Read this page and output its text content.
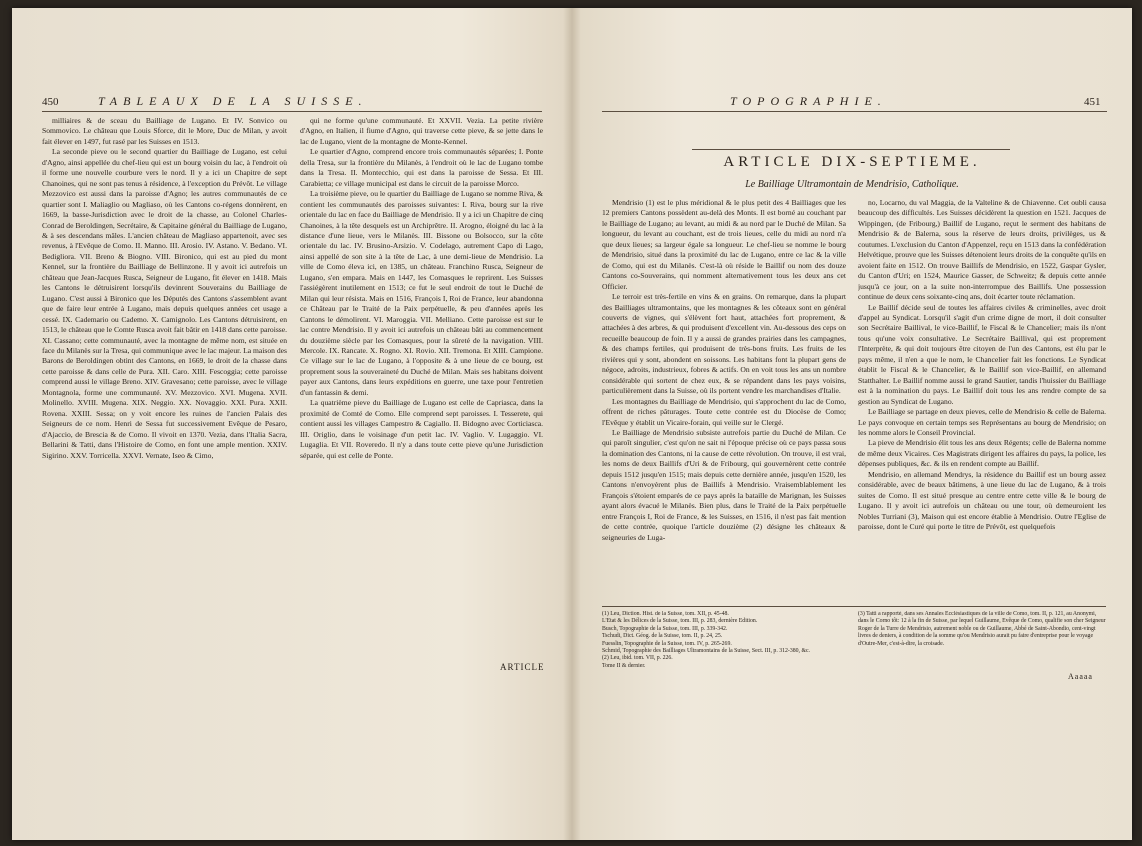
450	TABLEAUX DE LA SUISSE.

milliaires & de sceau du Bailliage de Lugano. Et IV. Sonvico ou Sommovico. Le château que Louis Sforce, dit le More, Duc de Milan, y avoit fait élever en 1497, fut rasé par les Suisses en 1513.

La seconde pieve ou le second quartier du Bailliage de Lugano, est celui d'Agno, ainsi appellée du chef-lieu qui est un bourg voisin du lac, à l'endroit où il forme une nouvelle courbure vers le nord. Il y a ici un Chapitre de sept Chanoines, qui ne sont pas tenus à résidence, à l'exception du Prévôt. Le village Mezzovico est aussi dans la paroisse d'Agno; les autres communautés de ce quartier sont I. Maliaglio ou Magliaso, où les Cantons co-régens donnèrent, en 1669, la basse-Jurisdiction avec le droit de la chasse, au Colonel Charles-Conrad de Beroldingen, Secrétaire, & Capitaine général du Bailliage de Lugano, & à ses descendans mâles. L'ancien château de Magliaso appartenoit, avec ses revenus, à l'Evêque de Como. II. Manno. III. Arosio. IV. Astano. V. Bedano. VI. Bedigliora. VII. Breno & Biogno. VIII. Bironico, qui est au pied du mont Kennel, sur la frontière du Bailliage de Bellinzone. Il y avoit ici autrefois un château que Jean-Jacques Rusca, Seigneur de Lugano, fit élever en 1418. Mais les Cantons le détruisirent lorsqu'ils devinrent Souverains du Bailliage de Lugano. C'est aussi à Bironico que les Députés des Cantons s'assemblent avant que de faire leur entrée à Lugano, mais depuis quelques années cet usage a cessé. IX. Cademario ou Cademo. X. Camignolo. Les Cantons détruisirent, en 1513, le château que le Comte Rusca avoit fait bâtir en 1418 dans cette paroisse. XI. Cassano; cette communauté, avec la montagne de même nom, est située en face du Milanès sur la Tresa, qui communique avec le lac majeur. La maison des Barons de Beroldingen obtint des Cantons, en 1669, le droit de la chasse dans cette paroisse & dans celle de Pura. XII. Caro. XIII. Fescoggia; cette paroisse comprend aussi le village Breno. XIV. Gravesano; cette paroisse, avec le village Montagnola, forme une communauté. XV. Mezzovico. XVI. Mugena. XVII. Molinello. XVIII. Mugena. XIX. Neggio. XX. Novaggio. XXI. Pura. XXII. Rovena. XXIII. Sessa; on y voit encore les ruines de l'ancien Palais des Seigneurs de ce nom. Henri de Sessa fut successivement Evêque de Pesaro, d'Ajaccio, de Brescia & de Como. Il vivoit en 1370. Vezia, dans l'Italia Sacra, Bellarini & Tatti, dans l'Histoire de Como, en font une ample mention. XXIV. Sigirino. XXV. Torricella. XXVI. Vernate, Iseo & Cimo,

qui ne forme qu'une communauté. Et XXVII. Vezia. La petite rivière d'Agno, en Italien, il fiume d'Agno, qui traverse cette pieve, & se jette dans le lac de Lugano, vient de la montagne de Monte-Kennel.

Le quartier d'Agno, comprend encore trois communautés séparées; I. Ponte della Tresa, sur la frontière du Milanès, à l'endroit où le lac de Lugano tombe dans la Tresa. II. Montecchio, qui est dans la paroisse de Sessa. Et III. Carabietta; ce village municipal est dans le circuit de la paroisse Morco.

La troisième pieve, ou le quartier du Bailliage de Lugano se nomme Riva, & contient les communautés des paroisses suivantes: I. Riva, bourg sur la rive orientale du lac en face du Bailliage de Mendrisio. Il y a ici un Chapitre de cinq Chanoines, à la tête desquels est un Archiprêtre. II. Arogno, éloigné du lac à la distance d'une lieue, vers le Milanès. III. Bissone ou Bolsocco, sur la côte orientale du lac. IV. Brusino-Arsizio. V. Codelago, autrement Capo di Lago, ainsi appellé de son site à la tête de Lac, à une demi-lieue de Mendrisio. La ville de Como éleva ici, en 1385, un château. Franchino Rusca, Seigneur de Lugano, s'en empara. Mais en 1447, les Comasques le reprirent. Les Suisses l'assiégèrent inutilement en 1513; ce fut le seul endroit de tout le Duché de Milan qui leur résista. Mais en 1516, François I, Roi de France, leur abandonna ce Château par le Traité de la Paix perpétuelle, & peu d'années après les Cantons le démolirent. VI. Maroggia. VII. Melliano. Cette paroisse est sur le lac contre Mendrisio. Il y avoit ici autrefois un château bâti au commencement du douzième siècle par les Comasques, pour la sûreté de la navigation. VIII. Mercole. IX. Rancate. X. Rogno. XI. Rovio. XII. Tremona. Et XIII. Campione. Ce village sur le lac de Lugano, à l'opposite & à une lieue de ce bourg, est proprement sous la souveraineté du Duché de Milan. Mais ses habitans doivent payer aux Cantons, dans leurs expéditions en guerre, une taxe pour l'entretien d'un fantassin & demi.

La quatrième pieve du Bailliage de Lugano est celle de Capriasca, dans la proximité de Comté de Como. Elle comprend sept paroisses. I. Tesserete, qui contient aussi les villages Campestro & Cagiallo. II. Bidogno avec Corticiasca. III. Origlio, dans le voisinage d'un petit lac. IV. Vaglio. V. Lugaggio. VI. Lugaglia. Et VII. Roveredo. Il n'y a dans toute cette pieve qu'une Jurisdiction séparée, qui est celle de Ponte.

ARTICLE
TOPOGRAPHIE.	451
ARTICLE DIX-SEPTIEME.
Le Bailliage Ultramontain de Mendrisio, Catholique.

Mendrisio (1) est le plus méridional & le plus petit des 4 Bailliages que les 12 premiers Cantons possèdent au-delà des Monts. Il est borné au couchant par le Bailliage de Lugano; au levant, au midi & au nord par le Duché de Milan. Sa longueur, du levant au couchant, est de trois lieues, celle du midi au nord n'a que deux lieues; sa largeur égale sa longueur. Le chef-lieu se nomme le bourg de Mendrisio, situé dans la proximité du lac de Lugano, entre ce lac & la ville de Como, qui est du Milanès. C'est-là où réside le Baillif ou nom des douze Cantons co-Souverains, qui nomment alternativement tous les deux ans cet Officier.

Le terroir est très-fertile en vins & en grains. On remarque, dans la plupart des Bailliages ultramontains, que les montagnes & les côteaux sont en général couverts de vignes, qui s'élèvent fort haut, attachées fort proprement, & attachées à des arbres, & qui produisent d'excellent vin. Au-dessous des ceps on recueille beaucoup de foin. Il y a aussi de grandes prairies dans les campagnes, & des champs fertiles, qui produisent de très-bons fruits. Les fruits de les rivières qui y sont, abondent en soissons. Les habitans font la plupart gens de négoce, adroits, industrieux, fobres & actifs. On en voit tous les ans un nombre considérable qui sortent de chez eux, & se répandent dans les pays voisins, particulièrement dans la Suisse, où ils portent vendre les marchandises d'Italie.

Les montagnes du Bailliage de Mendrisio, qui s'approchent du lac de Como, offrent de riches pâturages. Toute cette contrée est du Diocèse de Como; l'Evêque y établit un Vicaire-forain, qui veille sur le Clergé.

Le Bailliage de Mendrisio subsiste autrefois partie du Duché de Milan. Ce qui paroît singulier, c'est qu'on ne sait ni l'époque précise où ce pays passa sous la domination des Cantons, ni la cause de cette révolution. On trouve, il est vrai, les noms de deux Baillifs d'Uri & de Fribourg, qui gouvernèrent cette contrée depuis 1512 jusqu'en 1515; mais depuis cette dernière année, jusqu'en 1520, les Cantons n'envoyèrent plus de Baillifs à Mendrisio. Vraisemblablement les François s'étoient emparés de ce pays après la bataille de Marignan, les Suisses ayant alors évacué le Milanès. Bien plus, dans le Traité de la Paix perpétuelle entre François I, Roi de France, & les Suisses, en 1516, il n'est pas fait mention de cette contrée, quoique l'article douzième (2) désigne les châteaux & seigneuries de Luga-

no, Locarno, du val Maggia, de la Valteline & de Chiavenne. Cet oubli causa beaucoup des difficultés. Les Suisses décidèrent la question en 1521. Jacques de Wippingen, (de Fribourg,) Baillif de Lugano, reçut le serment des habitans de Mendrisio & de Balerna, sous la réserve de leurs droits, privilèges, us & coutumes. L'exclusion du Canton d'Appenzel, reçu en 1513 dans la confédération Helvétique, prouve que les Suisses détenoient leurs droits de la conquête qu'ils en avoient faite en 1512. On trouve Baillifs de Mendrisio, en 1522, Gaspar Gysler, du Canton d'Uri; en 1524, Maurice Gasser, de Schweitz; & depuis cette année jusqu'à ce jour, on a la suite non-interrompue des Baillifs. Une possession continue de deux cens soixante-cinq ans, doit écarter toute réclamation.

Le Baillif décide seul de toutes les affaires civiles & criminelles, avec droit d'appel au Syndicat. Lorsqu'il s'agit d'un crime digne de mort, il doit consulter son Secrétaire Baillival, le vice-Baillif, le Fiscal & le Chancelier; mais ils n'ont tous qu'une voix consultative. Le Secrétaire Baillival, qui est proprement l'Interprète, & qui doit toujours être citoyen de l'un des Cantons, est élu par le pays même, il n'en a que le nom, le Chancelier fait les fonctions. Le Syndicat établit le Fiscal & le Chancelier, & le Baillif son vice-Baillif, en allemand Statthalter. Le Baillif nomme aussi le grand Sautier, tandis l'huissier du Bailliage est à la nomination du pays. Le Baillif doit tous les ans rendre compte de sa gestion au Syndicat de Lugano.

Le Bailliage se partage en deux pieves, celle de Mendrisio & celle de Balerna. Le pays convoque en certain temps ses Représentans au bourg de Mendrisio; on les nomme alors le Conseil Provincial.

La pieve de Mendrisio élit tous les ans deux Régents; celle de Balerna nomme de même deux Vicaires. Ces Magistrats dirigent les affaires du pays, la police, les dépenses publiques, &c. & ils en rendent compte au Baillif.

Mendrisio, en allemand Mendrys, la résidence du Baillif est un bourg assez considérable, avec de beaux bâtimens, à une lieue du lac de Lugano, & à trois suites de Como. Il est situé presque au centre entre cette ville & le bourg de Lugano. Il y avoit ici autrefois un château ou une tour, où demeuroient les Nobles Turriani (3), Maison qui est encore établie à Mendrisio. Outre l'Eglise de paroisse, dont le Curé qui porte le titre de Prévôt, est quelquefois

(1) Leu, Diction. Hist. de la Suisse, tom. XII, p. 45-48.

L'Etat & les Délices de la Suisse, tom. III, p. 283, dernière Edition.

Busch, Topographie de la Suisse, tom. III, p. 339-342.

Tschudi, Dict. Géog. de la Suisse, tom. II, p. 24, 25.

Fuesslin, Topographie de la Suisse, tom. IV, p. 265-269.

Schmid, Topographie des Bailliages Ultramontains de la Suisse, Sect. III, p. 312-380, &c.

(2) Leu, ibid. tom. VII, p. 226.

Tome II & dernier.

(3) Tatti a rapporté, dans ses Annales Ecclésiastiques de la ville de Como, tom. II, p. 121, au Anonymi, dans le Corno tôt: 12 à la fin de Suisse, par lequel Guillaume, Evêque de Como, qualifie son cher Seigneur Roger de la Turre de Mendrisio, autrement noble ou de Guillaume, Abbé de Saint-Abondio, cent-vingt livres de deniers, à condition de la somme qu'ou Mendrisio aurait pu faire d'entreprise pour le voyage d'Outre-Mer, c'est-à-dire, la croisade.

Aaaaa
